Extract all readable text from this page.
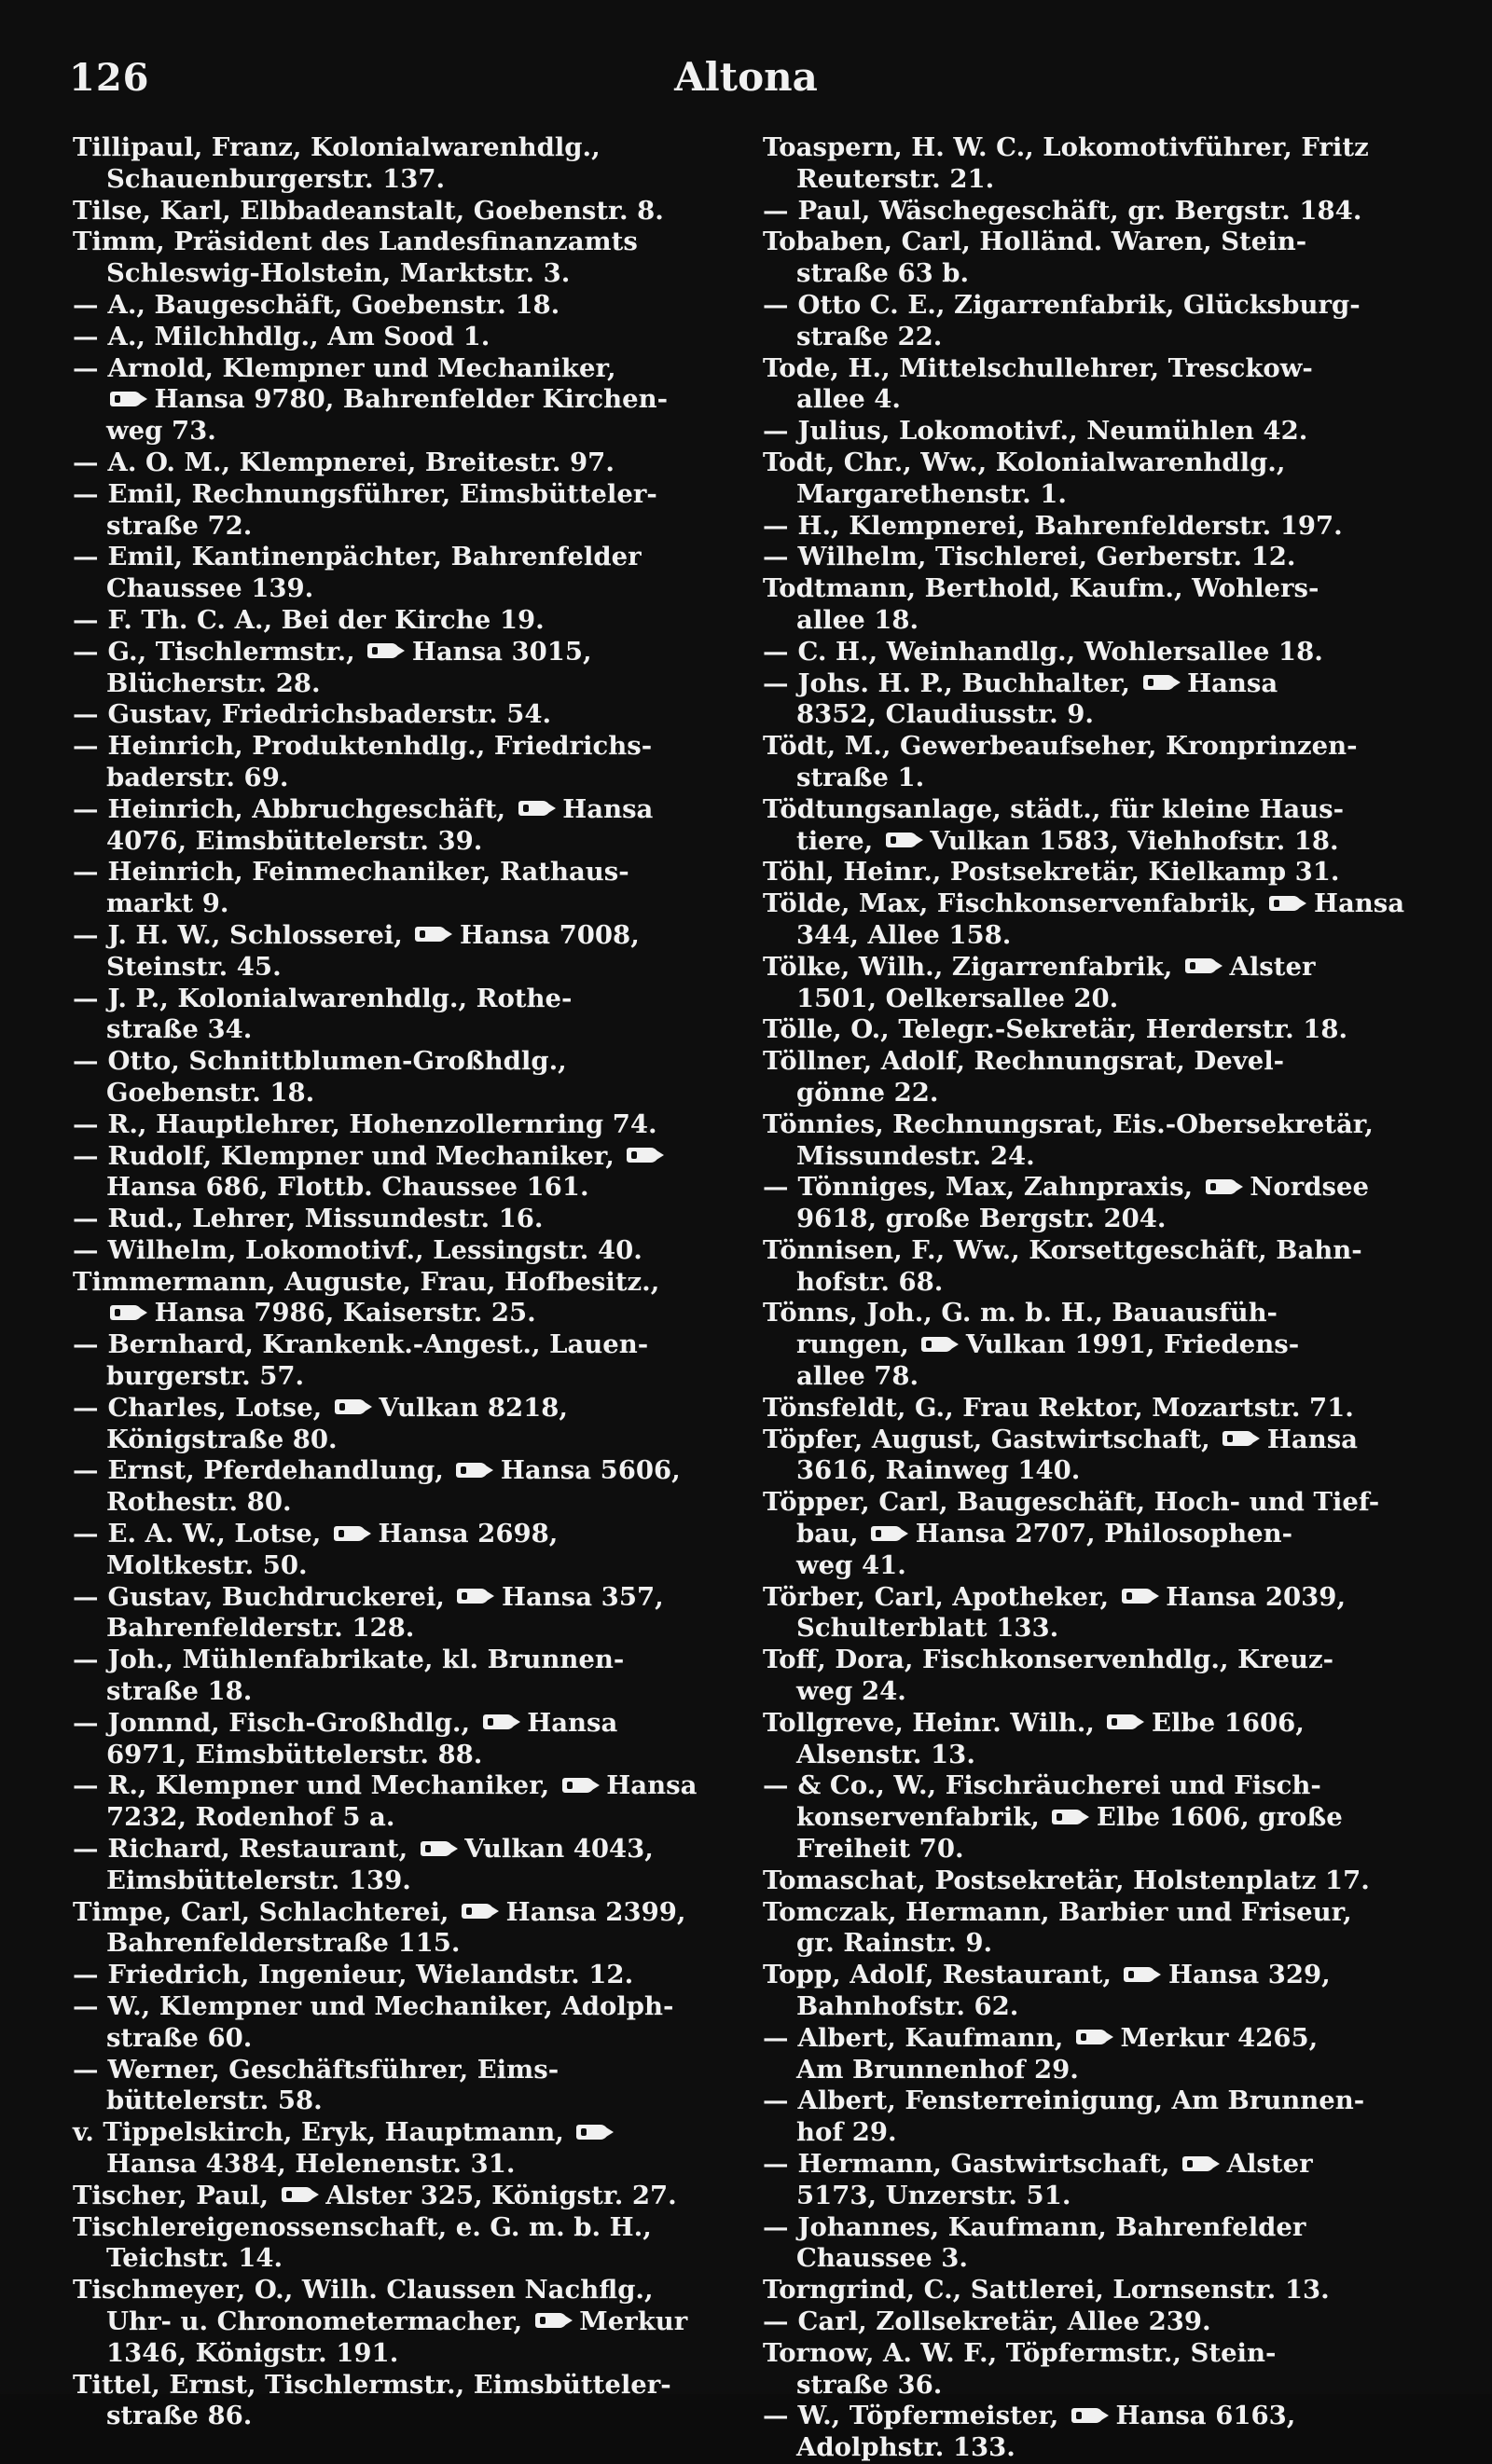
126	Altona
Tillipaul, Franz, Kolonialwarenhdlg.,
Schauenburgerstr. 137.
Tilse, Karl, Elbbadeanstalt, Goebenstr. 8.
Timm, Präsident des Landesfinanzamts
Schleswig-Holstein, Marktstr. 3.
— A., Baugeschäft, Goebenstr. 18.
— A., Milchhdlg., Am Sood 1.
— Arnold, Klempner und Mechaniker,
Hansa 9780, Bahrenfelder Kirchen-
weg 73.
— A. O. M., Klempnerei, Breitestr. 97.
— Emil, Rechnungsführer, Eimsbütteler-
straße 72.
— Emil, Kantinenpächter, Bahrenfelder
Chaussee 139.
— F. Th. C. A., Bei der Kirche 19.
— G., Tischlermstr.,  Hansa 3015,
Blücherstr. 28.
— Gustav, Friedrichsbaderstr. 54.
— Heinrich, Produktenhdlg., Friedrichs-
baderstr. 69.
— Heinrich, Abbruchgeschäft,  Hansa
4076, Eimsbüttelerstr. 39.
— Heinrich, Feinmechaniker, Rathaus-
markt 9.
— J. H. W., Schlosserei,  Hansa 7008,
Steinstr. 45.
— J. P., Kolonialwarenhdlg., Rothe-
straße 34.
— Otto, Schnittblumen-Großhdlg.,
Goebenstr. 18.
— R., Hauptlehrer, Hohenzollernring 74.
— Rudolf, Klempner und Mechaniker,
Hansa 686, Flottb. Chaussee 161.
— Rud., Lehrer, Missundestr. 16.
— Wilhelm, Lokomotivf., Lessingstr. 40.
Timmermann, Auguste, Frau, Hofbesitz.,
Hansa 7986, Kaiserstr. 25.
— Bernhard, Krankenk.-Angest., Lauen-
burgerstr. 57.
— Charles, Lotse,  Vulkan 8218,
Königstraße 80.
— Ernst, Pferdehandlung,  Hansa 5606,
Rothestr. 80.
— E. A. W., Lotse,  Hansa 2698,
Moltkestr. 50.
— Gustav, Buchdruckerei,  Hansa 357,
Bahrenfelderstr. 128.
— Joh., Mühlenfabrikate, kl. Brunnen-
straße 18.
— Jonnnd, Fisch-Großhdlg.,  Hansa
6971, Eimsbüttelerstr. 88.
— R., Klempner und Mechaniker,  Hansa
7232, Rodenhof 5 a.
— Richard, Restaurant,  Vulkan 4043,
Eimsbüttelerstr. 139.
Timpe, Carl, Schlachterei,  Hansa 2399,
Bahrenfelderstraße 115.
— Friedrich, Ingenieur, Wielandstr. 12.
— W., Klempner und Mechaniker, Adolph-
straße 60.
— Werner, Geschäftsführer, Eims-
büttelerstr. 58.
v. Tippelskirch, Eryk, Hauptmann,
Hansa 4384, Helenenstr. 31.
Tischer, Paul,  Alster 325, Königstr. 27.
Tischlereigenossenschaft, e. G. m. b. H.,
Teichstr. 14.
Tischmeyer, O., Wilh. Claussen Nachflg.,
Uhr- u. Chronometermacher,  Merkur
1346, Königstr. 191.
Tittel, Ernst, Tischlermstr., Eimsbütteler-
straße 86.
Toaspern, H. W. C., Lokomotivführer, Fritz
Reuterstr. 21.
— Paul, Wäschegeschäft, gr. Bergstr. 184.
Tobaben, Carl, Holländ. Waren, Stein-
straße 63 b.
— Otto C. E., Zigarrenfabrik, Glücksburg-
straße 22.
Tode, H., Mittelschullehrer, Tresckow-
allee 4.
— Julius, Lokomotivf., Neumühlen 42.
Todt, Chr., Ww., Kolonialwarenhdlg.,
Margarethenstr. 1.
— H., Klempnerei, Bahrenfelderstr. 197.
— Wilhelm, Tischlerei, Gerberstr. 12.
Todtmann, Berthold, Kaufm., Wohlers-
allee 18.
— C. H., Weinhandlg., Wohlersallee 18.
— Johs. H. P., Buchhalter,  Hansa
8352, Claudiusstr. 9.
Tödt, M., Gewerbeaufseher, Kronprinzen-
straße 1.
Tödtungsanlage, städt., für kleine Haus-
tiere,  Vulkan 1583, Viehhofstr. 18.
Töhl, Heinr., Postsekretär, Kielkamp 31.
Tölde, Max, Fischkonservenfabrik,  Hansa
344, Allee 158.
Tölke, Wilh., Zigarrenfabrik,  Alster
1501, Oelkersallee 20.
Tölle, O., Telegr.-Sekretär, Herderstr. 18.
Töllner, Adolf, Rechnungsrat, Devel-
gönne 22.
Tönnies, Rechnungsrat, Eis.-Obersekretär,
Missundestr. 24.
— Tönniges, Max, Zahnpraxis,  Nordsee
9618, große Bergstr. 204.
Tönnisen, F., Ww., Korsettgeschäft, Bahn-
hofstr. 68.
Tönns, Joh., G. m. b. H., Bauausfüh-
rungen,  Vulkan 1991, Friedens-
allee 78.
Tönsfeldt, G., Frau Rektor, Mozartstr. 71.
Töpfer, August, Gastwirtschaft,  Hansa
3616, Rainweg 140.
Töpper, Carl, Baugeschäft, Hoch- und Tief-
bau,  Hansa 2707, Philosophen-
weg 41.
Törber, Carl, Apotheker,  Hansa 2039,
Schulterblatt 133.
Toff, Dora, Fischkonservenhdlg., Kreuz-
weg 24.
Tollgreve, Heinr. Wilh.,  Elbe 1606,
Alsenstr. 13.
— & Co., W., Fischräucherei und Fisch-
konservenfabrik,  Elbe 1606, große
Freiheit 70.
Tomaschat, Postsekretär, Holstenplatz 17.
Tomczak, Hermann, Barbier und Friseur,
gr. Rainstr. 9.
Topp, Adolf, Restaurant,  Hansa 329,
Bahnhofstr. 62.
— Albert, Kaufmann,  Merkur 4265,
Am Brunnenhof 29.
— Albert, Fensterreinigung, Am Brunnen-
hof 29.
— Hermann, Gastwirtschaft,  Alster
5173, Unzerstr. 51.
— Johannes, Kaufmann, Bahrenfelder
Chaussee 3.
Torngrind, C., Sattlerei, Lornsenstr. 13.
— Carl, Zollsekretär, Allee 239.
Tornow, A. W. F., Töpfermstr., Stein-
straße 36.
— W., Töpfermeister,  Hansa 6163,
Adolphstr. 133.
